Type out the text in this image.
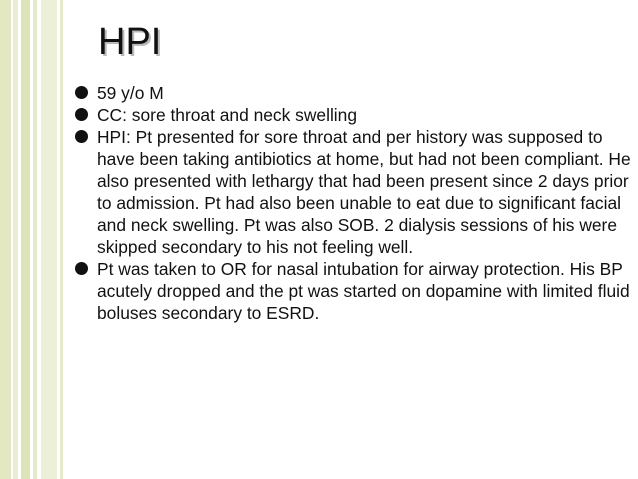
HPI
59 y/o M
CC: sore throat and neck swelling
HPI: Pt presented for sore throat and per history was supposed to have been taking antibiotics at home, but had not been compliant. He also presented with lethargy that had been present since 2 days prior to admission. Pt had also been unable to eat due to significant facial and neck swelling. Pt was also SOB. 2 dialysis sessions of his were skipped secondary to his not feeling well.
Pt was taken to OR for nasal intubation for airway protection. His BP acutely dropped and the pt was started on dopamine with limited fluid boluses secondary to ESRD.
